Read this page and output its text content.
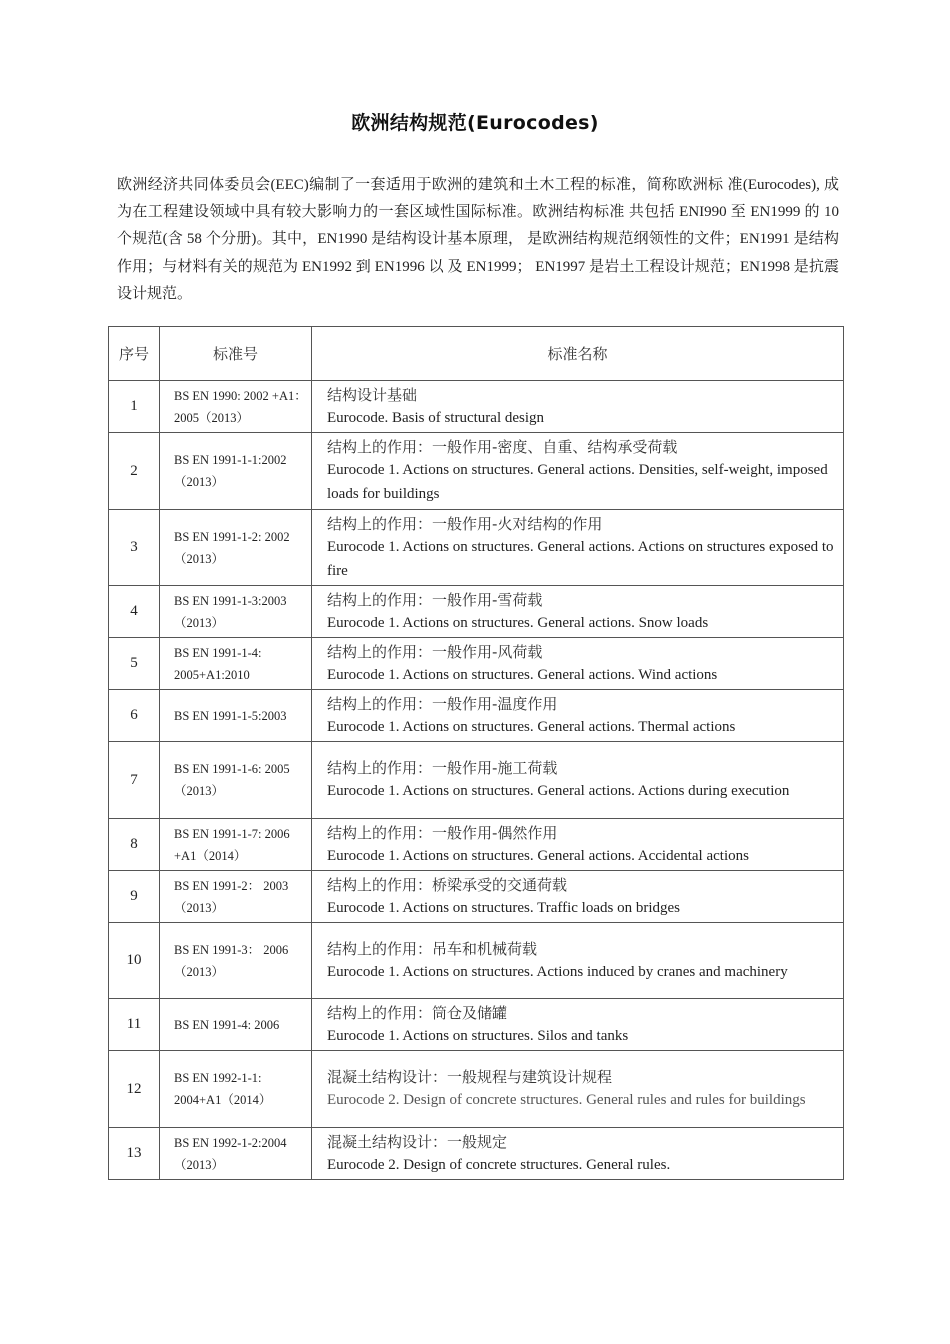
欧洲结构规范(Eurocodes)

欧洲经济共同体委员会(EEC)编制了一套适用于欧洲的建筑和土木工程的标准，简称欧洲标 准(Eurocodes), 成为在工程建设领域中具有较大影响力的一套区域性国际标准。欧洲结构标准 共包括 ENI990 至 EN1999 的 10 个规范(含 58 个分册)。其中，EN1990 是结构设计基本原理， 是欧洲结构规范纲领性的文件；EN1991 是结构作用；与材料有关的规范为 EN1992 到 EN1996 以 及 EN1999； EN1997 是岩土工程设计规范；EN1998 是抗震设计规范。

序号	标准号	标准名称
1	BS EN 1990: 2002 +A1： 2005（2013）	结构设计基础
Eurocode. Basis of structural design

2	BS EN 1991-1-1:2002（2013）	结构上的作用：一般作用-密度、自重、结构承受荷载
Eurocode 1. Actions on structures. General actions. Densities, self-weight, imposed loads for buildings

3	BS EN 1991-1-2: 2002（2013）	结构上的作用：一般作用-火对结构的作用
Eurocode 1. Actions on structures. General actions. Actions on structures exposed to fire

4	BS EN 1991-1-3:2003（2013）	结构上的作用：一般作用-雪荷载
Eurocode 1. Actions on structures. General actions. Snow loads

5	BS EN 1991-1-4: 2005+A1:2010	结构上的作用：一般作用-风荷载
Eurocode 1. Actions on structures. General actions. Wind actions

6	BS EN 1991-1-5:2003	结构上的作用：一般作用-温度作用
Eurocode 1. Actions on structures. General actions. Thermal actions

7	BS EN 1991-1-6: 2005（2013）	结构上的作用：一般作用-施工荷载
Eurocode 1. Actions on structures. General actions. Actions during execution

8	BS EN 1991-1-7: 2006 +A1（2014）	结构上的作用：一般作用-偶然作用
Eurocode 1. Actions on structures. General actions. Accidental actions

9	BS EN 1991-2： 2003（2013）	结构上的作用：桥梁承受的交通荷载
Eurocode 1. Actions on structures. Traffic loads on bridges

10	BS EN 1991-3： 2006（2013）	结构上的作用：吊车和机械荷载
Eurocode 1. Actions on structures. Actions induced by cranes and machinery

11	BS EN 1991-4: 2006	结构上的作用：筒仓及储罐
Eurocode 1. Actions on structures. Silos and tanks

12	BS EN 1992-1-1: 2004+A1（2014）	混凝土结构设计：一般规程与建筑设计规程
Eurocode 2. Design of concrete structures. General rules and rules for buildings

13	BS EN 1992-1-2:2004（2013）	混凝土结构设计：一般规定
Eurocode 2. Design of concrete structures. General rules.
